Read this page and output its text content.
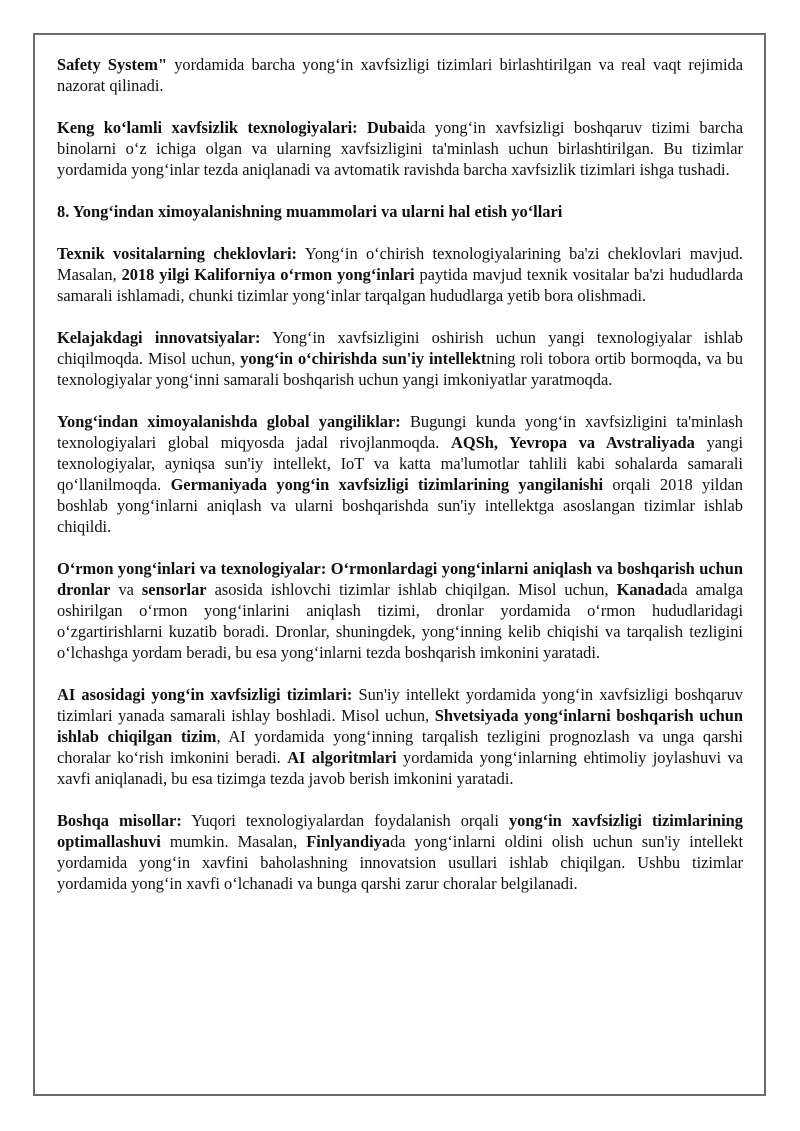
Safety System" yordamida barcha yong‘in xavfsizligi tizimlari birlashtirilgan va real vaqt rejimida nazorat qilinadi.

Keng ko‘lamli xavfsizlik texnologiyalari: Dubaida yong‘in xavfsizligi boshqaruv tizimi barcha binolarni o‘z ichiga olgan va ularning xavfsizligini ta'minlash uchun birlashtirilgan. Bu tizimlar yordamida yong‘inlar tezda aniqlanadi va avtomatik ravishda barcha xavfsizlik tizimlari ishga tushadi.

8. Yong‘indan ximoyalanishning muammolari va ularni hal etish yo‘llari

Texnik vositalarning cheklovlari: Yong‘in o‘chirish texnologiyalarining ba'zi cheklovlari mavjud. Masalan, 2018 yilgi Kaliforniya o‘rmon yong‘inlari paytida mavjud texnik vositalar ba'zi hududlarda samarali ishlamadi, chunki tizimlar yong‘inlar tarqalgan hududlarga yetib bora olishmadi.

Kelajakdagi innovatsiyalar: Yong‘in xavfsizligini oshirish uchun yangi texnologiyalar ishlab chiqilmoqda. Misol uchun, yong‘in o‘chirishda sun'iy intellektning roli tobora ortib bormoqda, va bu texnologiyalar yong‘inni samarali boshqarish uchun yangi imkoniyatlar yaratmoqda.

Yong‘indan ximoyalanishda global yangiliklar: Bugungi kunda yong‘in xavfsizligini ta'minlash texnologiyalari global miqyosda jadal rivojlanmoqda. AQSh, Yevropa va Avstraliyada yangi texnologiyalar, ayniqsa sun'iy intellekt, IoT va katta ma'lumotlar tahlili kabi sohalarda samarali qo‘llanilmoqda. Germaniyada yong‘in xavfsizligi tizimlarining yangilanishi orqali 2018 yildan boshlab yong‘inlarni aniqlash va ularni boshqarishda sun'iy intellektga asoslangan tizimlar ishlab chiqildi.

O‘rmon yong‘inlari va texnologiyalar: O‘rmonlardagi yong‘inlarni aniqlash va boshqarish uchun dronlar va sensorlar asosida ishlovchi tizimlar ishlab chiqilgan. Misol uchun, Kanadada amalga oshirilgan o‘rmon yong‘inlarini aniqlash tizimi, dronlar yordamida o‘rmon hududlaridagi o‘zgartirishlarni kuzatib boradi. Dronlar, shuningdek, yong‘inning kelib chiqishi va tarqalish tezligini o‘lchashga yordam beradi, bu esa yong‘inlarni tezda boshqarish imkonini yaratadi.

AI asosidagi yong‘in xavfsizligi tizimlari: Sun'iy intellekt yordamida yong‘in xavfsizligi boshqaruv tizimlari yanada samarali ishlay boshladi. Misol uchun, Shvetsiyada yong‘inlarni boshqarish uchun ishlab chiqilgan tizim, AI yordamida yong‘inning tarqalish tezligini prognozlash va unga qarshi choralar ko‘rish imkonini beradi. AI algoritmlari yordamida yong‘inlarning ehtimoliy joylashuvi va xavfi aniqlanadi, bu esa tizimga tezda javob berish imkonini yaratadi.

Boshqa misollar: Yuqori texnologiyalardan foydalanish orqali yong‘in xavfsizligi tizimlarining optimallashuvi mumkin. Masalan, Finlyandiyada yong‘inlarni oldini olish uchun sun'iy intellekt yordamida yong‘in xavfini baholashning innovatsion usullari ishlab chiqilgan. Ushbu tizimlar yordamida yong‘in xavfi o‘lchanadi va bunga qarshi zarur choralar belgilanadi.
